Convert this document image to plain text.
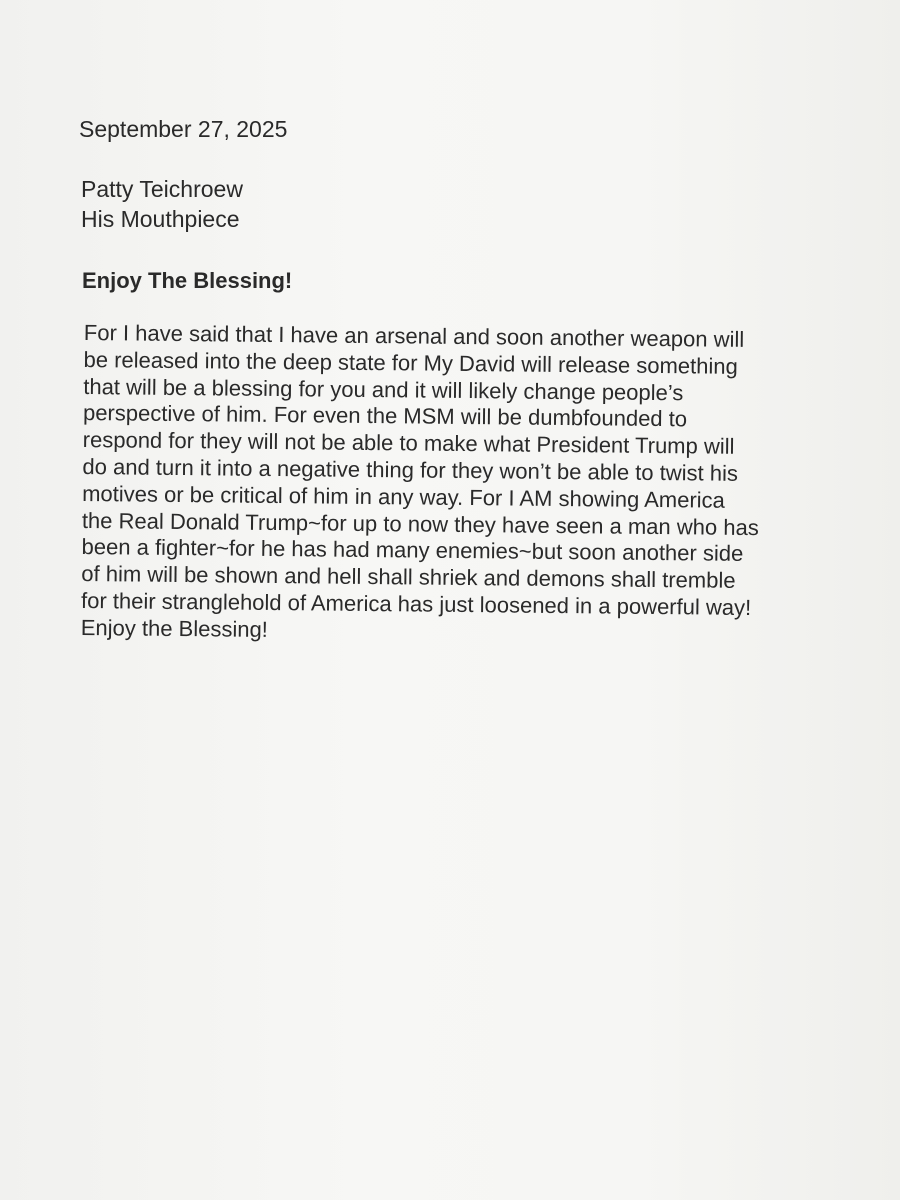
September 27, 2025
Patty Teichroew
His Mouthpiece
Enjoy The Blessing!
For I have said that I have an arsenal and soon another weapon will
be released into the deep state for My David will release something
that will be a blessing for you and it will likely change people’s
perspective of him. For even the MSM will be dumbfounded to
respond for they will not be able to make what President Trump will
do and turn it into a negative thing for they won’t be able to twist his
motives or be critical of him in any way. For I AM showing America
the Real Donald Trump~for up to now they have seen a man who has
been a fighter~for he has had many enemies~but soon another side
of him will be shown and hell shall shriek and demons shall tremble
for their stranglehold of America has just loosened in a powerful way!
Enjoy the Blessing!
